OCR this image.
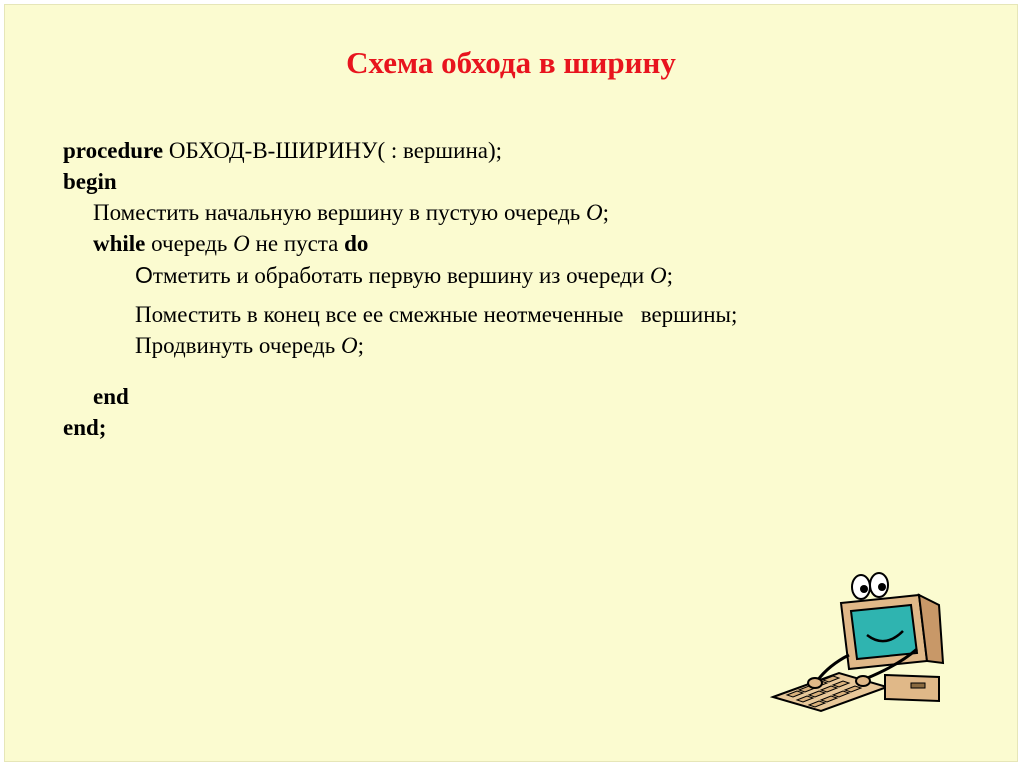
Схема обхода в ширину
procedure ОБХОД-В-ШИРИНУ( : вершина);
begin
Поместить начальную вершину в пустую очередь О;
while очередь О не пуста do
Отметить и обработать первую вершину из очереди О;
Поместить в конец все ее смежные неотмеченные   вершины;
Продвинуть очередь О;
end
end;
